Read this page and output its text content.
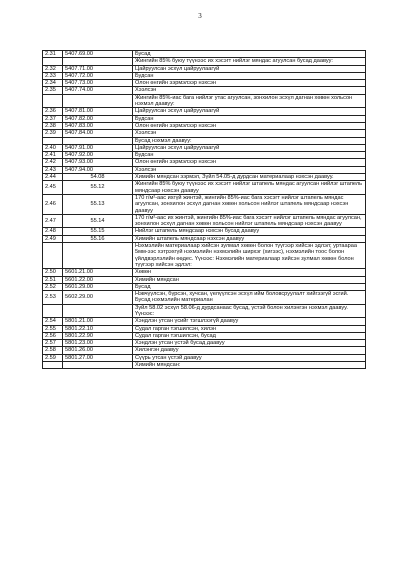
3
2.31	5407.69.00	Бусад
		Жингийн 85% буюу түүнээс их хэсэгт нийлэг мяндас агуулсан бусад даавуу:
2.32	5407.71.00	Цайруулсан эсхүл цайруулаагүй
2.33	5407.72.00	Будсан
2.34	5407.73.00	Олон өнгийн ээрмэлээр нэхсэн
2.35	5407.74.00	Хээлсэн
		Жингийн 85%-иас бага нийлэг утас агуулсан, зонхилон эсхүл дагнан хөвөн хольсон нэхмэл даавуу:
2.36	5407.81.00	Цайруулсан эсхүл цайруулаагүй
2.37	5407.82.00	Будсан
2.38	5407.83.00	Олон өнгийн ээрмэлээр нэхсэн
2.39	5407.84.00	Хээлсэн
		Бусад нэхмэл даавуу:
2.40	5407.91.00	Цайруулсан эсхүл цайруулаагүй
2.41	5407.92.00	Будсан
2.42	5407.93.00	Олон өнгийн ээрмэлээр нэхсэн
2.43	5407.94.00	Хээлсэн
2.44	54.08	Химийн мяндсан ээрмэл, Зүйл 54.05-д дурдсан материалаар нэхсэн даавуу.
2.45	55.12	Жингийн 85% буюу түүнээс их хэсэгт нийлэг штапель мяндас агуулсан нийлэг штапель мяндсаар нэхсэн даавуу
2.46	55.13	170 г/м²-аас ихгүй жинтэй, жингийн 85%-иас бага хэсэгт нийлэг штапель мяндас агуулсан, зонхилон эсхүл дагнан хөвөн хольсон нийлэг штапель мяндсаар нэхсэн даавуу
2.47	55.14	170 г/м²-аас их жинтэй, жингийн 85%-иас бага хэсэгт нийлэг штапель мяндас агуулсан, зонхилон эсхүл дагнан хөвөн хольсон нийлэг штапель мяндсаар нэхсэн даавуу
2.48	55.15	Нийлэг штапель мяндсаар нэхсэн бусад даавуу
2.49	55.16	Химийн штапель мяндсаар нэхсэн даавуу
		Нэхмэлийн материалаар хийсэн зулмал хөвөн болон түүгээр хийсэн эдлэл; уртаараа 5мм-ээс хэтрэхгүй нэхмэлийн нэхмэлийн ширхэг (хигээс), нэхмэлийн тоос болон үйлдвэрлэлийн өөдес. Үүнээс: Нэхмэлийн материалаар хийсэн зулмал хөвөн болон түүгээр хийсэн эдлэл:
2.50	5601.21.00	Хөвөн
2.51	5601.22.00	Химийн мяндсан
2.52	5601.29.00	Бусад
2.53	5602.29.00	Нэвчүүлсэн, бүрсэн, хучсан, үелүүлсэн эсхүл ийм боловсруулалт хийгээгүй эсгий. Бусад нэхмэлийн материалан
		Зүйл 58.02 эсхүл 58.06-д дурдсанаас бусад, үстэй болон хилэнгэн нэхмэл даавуу. Үүнээс:
2.54	5801.21.00	Хэндлэн утсан үсийг тэгшлээгүй даавуу
2.55	5801.22.10	Судал гарган тэгшилсэн, хилэн
2.56	5801.22.90	Судал гарган тэгшилсэн, бусад
2.57	5801.23.00	Хэндлэн утсан үстэй бусад даавуу
2.58	5801.26.00	Хилэнгэн даавуу
2.59	5801.27.00	Сүүрь утсан үстэй даавуу
		Химийн мяндсан:
